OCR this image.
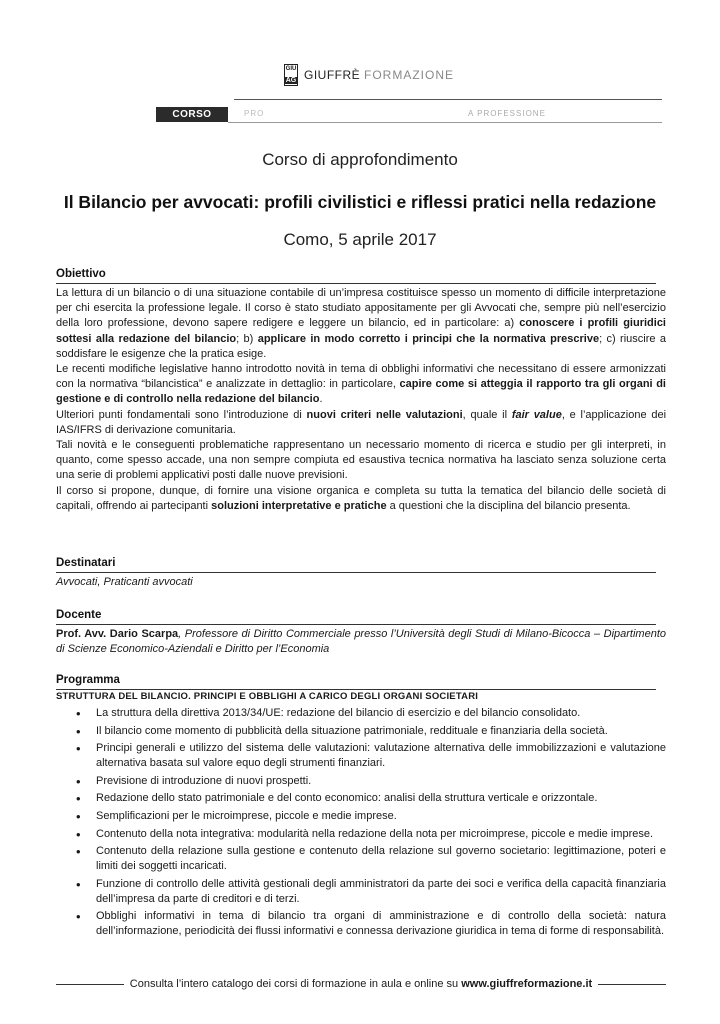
GIU
AG GIUFFRÈ FORMAZIONE
CORSO	PRO	A PROFESSIONE
Corso di approfondimento
Il Bilancio per avvocati: profili civilistici e riflessi pratici nella redazione
Como, 5 aprile 2017
Obiettivo

La lettura di un bilancio o di una situazione contabile di un’impresa costituisce spesso un momento di difficile interpretazione per chi esercita la professione legale. Il corso è stato studiato appositamente per gli Avvocati che, sempre più nell’esercizio della loro professione, devono sapere redigere e leggere un bilancio, ed in particolare: a) conoscere i profili giuridici sottesi alla redazione del bilancio; b) applicare in modo corretto i principi che la normativa prescrive; c) riuscire a soddisfare le esigenze che la pratica esige.

Le recenti modifiche legislative hanno introdotto novità in tema di obblighi informativi che necessitano di essere armonizzati con la normativa “bilancistica” e analizzate in dettaglio: in particolare, capire come si atteggia il rapporto tra gli organi di gestione e di controllo nella redazione del bilancio.

Ulteriori punti fondamentali sono l’introduzione di nuovi criteri nelle valutazioni, quale il fair value, e l’applicazione dei IAS/IFRS di derivazione comunitaria.

Tali novità e le conseguenti problematiche rappresentano un necessario momento di ricerca e studio per gli interpreti, in quanto, come spesso accade, una non sempre compiuta ed esaustiva tecnica normativa ha lasciato senza soluzione certa una serie di problemi applicativi posti dalle nuove previsioni.

Il corso si propone, dunque, di fornire una visione organica e completa su tutta la tematica del bilancio delle società di capitali, offrendo ai partecipanti soluzioni interpretative e pratiche a questioni che la disciplina del bilancio presenta.

Destinatari
Avvocati, Praticanti avvocati
Docente

Prof. Avv. Dario Scarpa, Professore di Diritto Commerciale presso l’Università degli Studi di Milano-Bicocca – Dipartimento di Scienze Economico-Aziendali e Diritto per l’Economia

Programma
STRUTTURA DEL BILANCIO. PRINCIPI E OBBLIGHI A CARICO DEGLI ORGANI SOCIETARI
• La struttura della direttiva 2013/34/UE: redazione del bilancio di esercizio e del bilancio consolidato.
• Il bilancio come momento di pubblicità della situazione patrimoniale, reddituale e finanziaria della società.
• Principi generali e utilizzo del sistema delle valutazioni: valutazione alternativa delle immobilizzazioni e valutazione alternativa basata sul valore equo degli strumenti finanziari.
• Previsione di introduzione di nuovi prospetti.
• Redazione dello stato patrimoniale e del conto economico: analisi della struttura verticale e orizzontale.
• Semplificazioni per le microimprese, piccole e medie imprese.
• Contenuto della nota integrativa: modularità nella redazione della nota per microimprese, piccole e medie imprese.
• Contenuto della relazione sulla gestione e contenuto della relazione sul governo societario: legittimazione, poteri e limiti dei soggetti incaricati.
• Funzione di controllo delle attività gestionali degli amministratori da parte dei soci e verifica della capacità finanziaria dell’impresa da parte di creditori e di terzi.
• Obblighi informativi in tema di bilancio tra organi di amministrazione e di controllo della società: natura dell’informazione, periodicità dei flussi informativi e connessa derivazione giuridica in tema di forme di responsabilità.
Consulta l’intero catalogo dei corsi di formazione in aula e online su www.giuffreformazione.it
